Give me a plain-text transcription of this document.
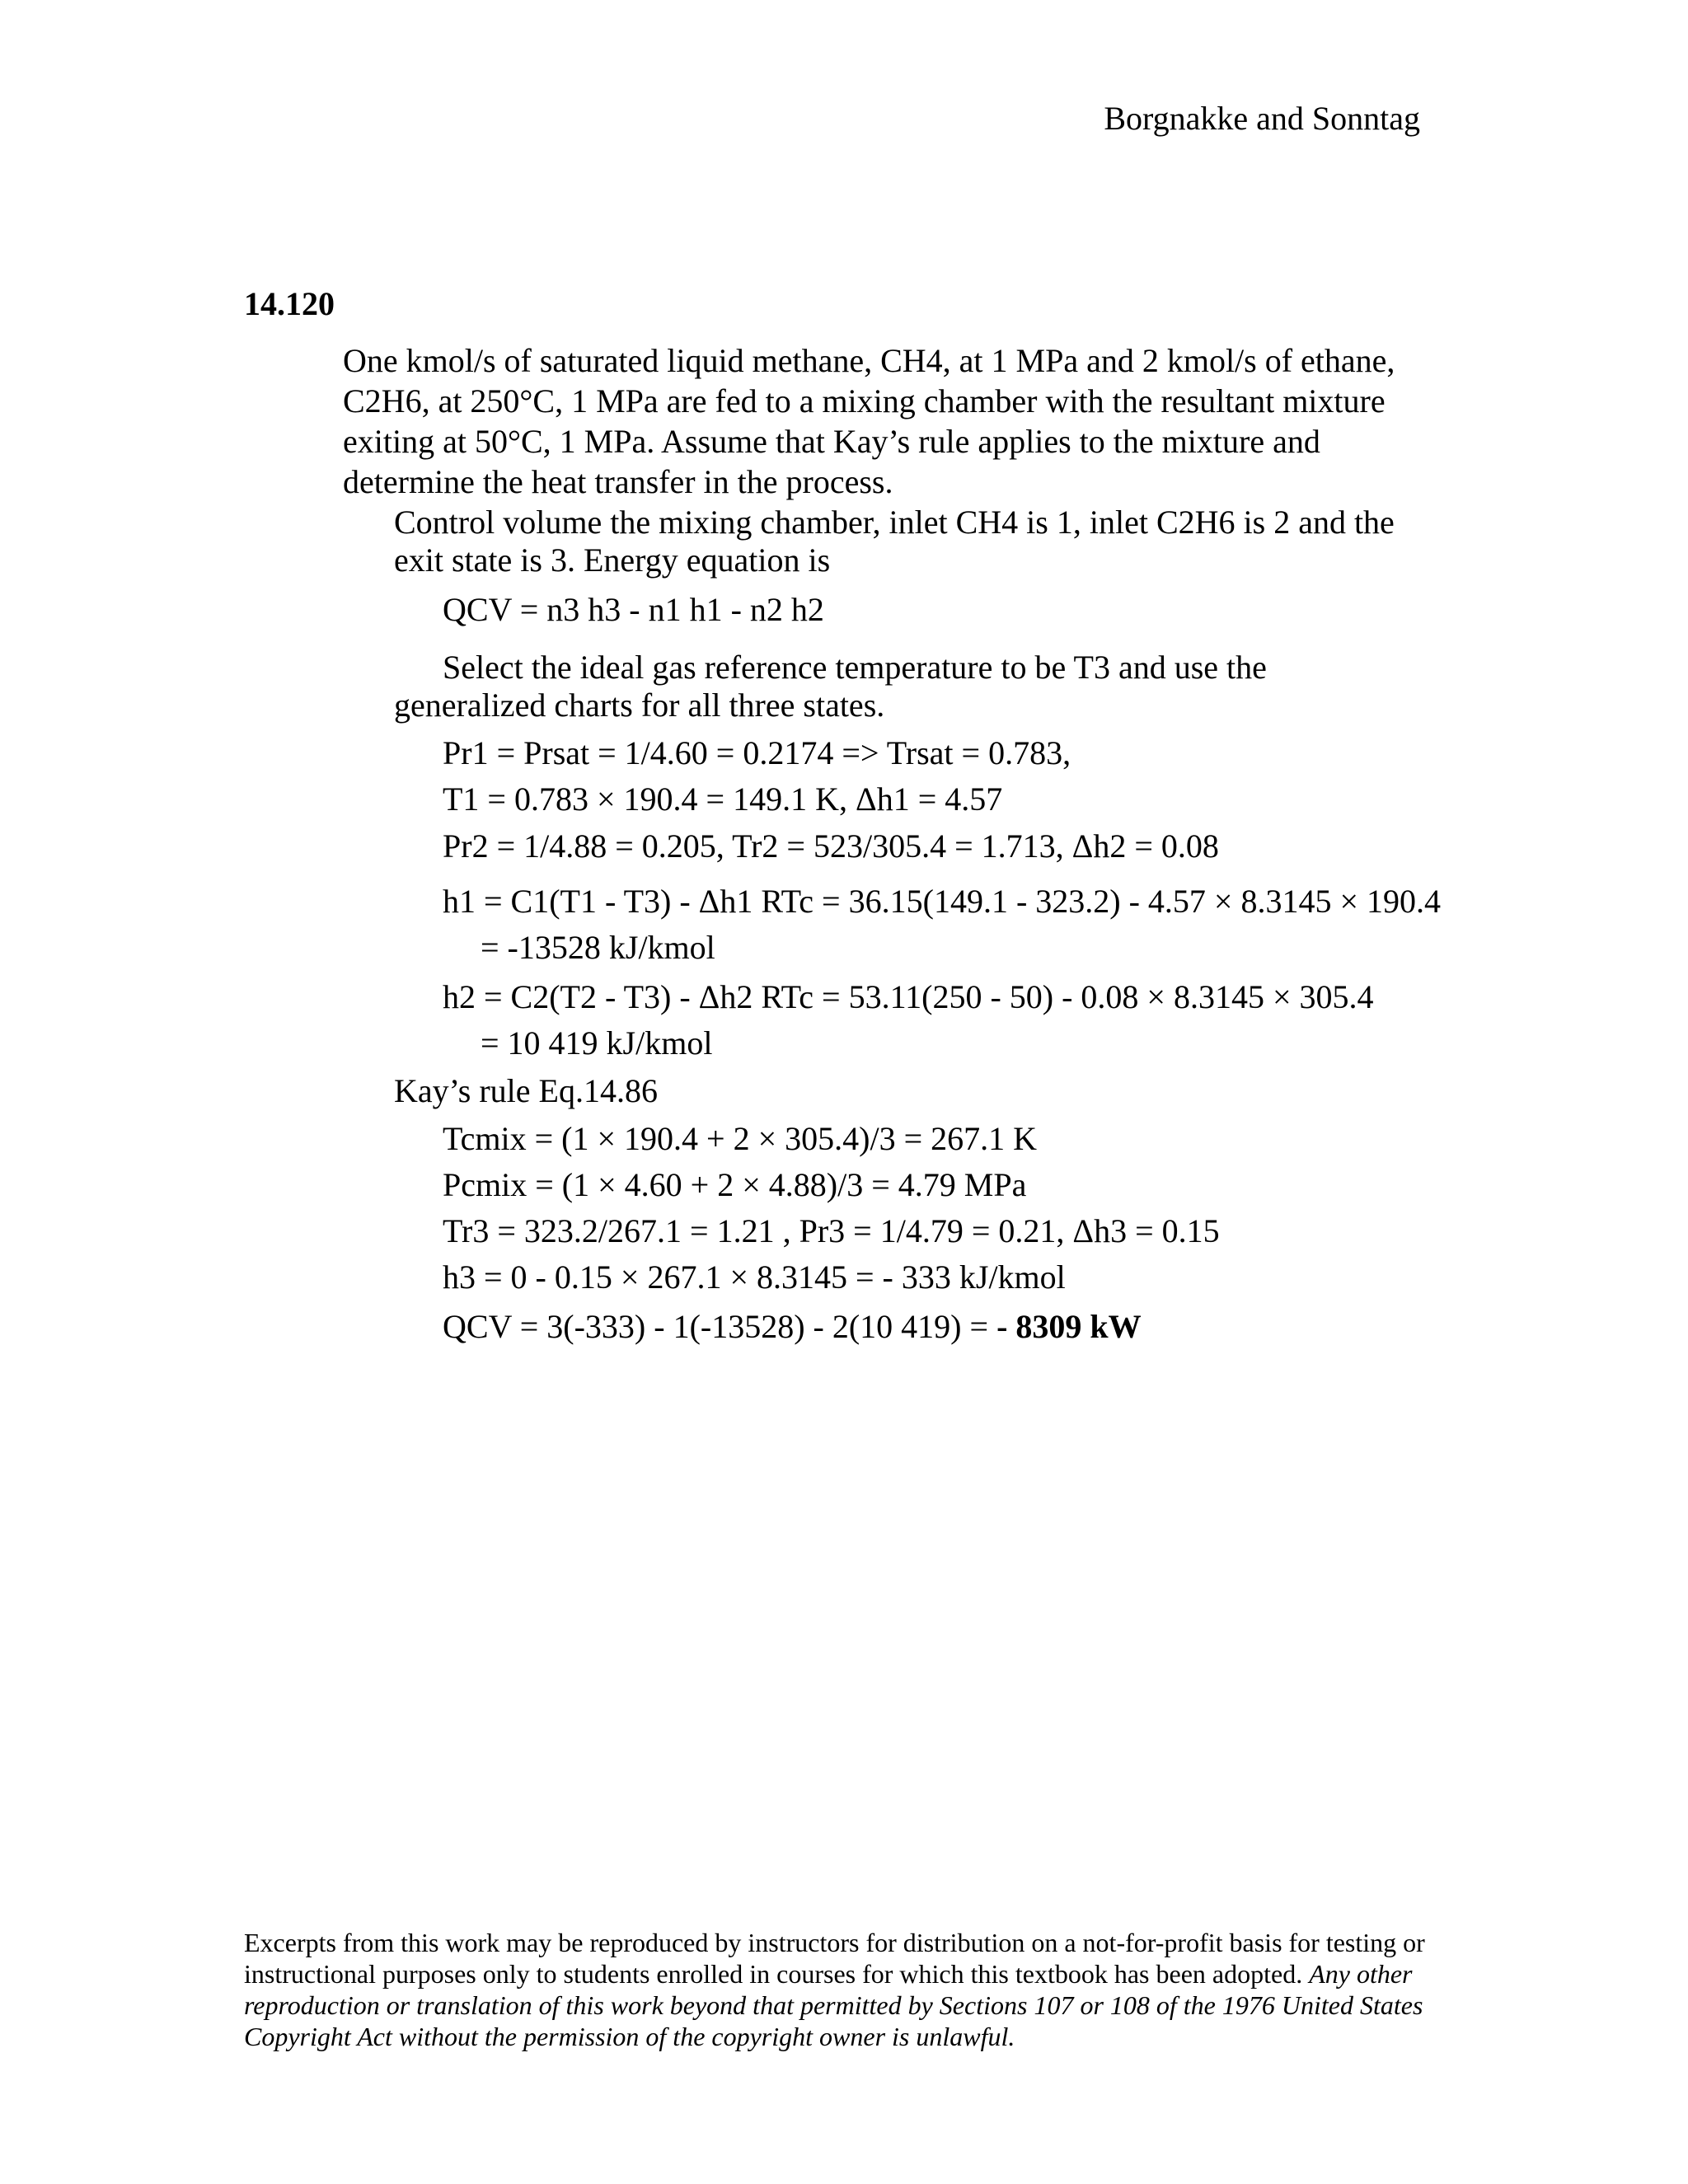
Borgnakke and Sonntag
14.120
One kmol/s of saturated liquid methane, CH4, at 1 MPa and 2 kmol/s of ethane,
C2H6, at 250°C, 1 MPa are fed to a mixing chamber with the resultant mixture
exiting at 50°C, 1 MPa. Assume that Kay’s rule applies to the mixture and
determine the heat transfer in the process.
Control volume the mixing chamber, inlet CH4 is 1, inlet C2H6 is 2 and the
exit state is 3. Energy equation is
QCV = n3 h3 - n1 h1 - n2 h2
Select the ideal gas reference temperature to be T3 and use the
generalized charts for all three states.
Pr1 = Prsat = 1/4.60 = 0.2174 => Trsat = 0.783,
T1 = 0.783 × 190.4 = 149.1 K, Δh1 = 4.57
Pr2 = 1/4.88 = 0.205, Tr2 = 523/305.4 = 1.713, Δh2 = 0.08
h1 = C1(T1 - T3) - Δh1 RTc = 36.15(149.1 - 323.2) - 4.57 × 8.3145 × 190.4
= -13528 kJ/kmol
h2 = C2(T2 - T3) - Δh2 RTc = 53.11(250 - 50) - 0.08 × 8.3145 × 305.4
= 10 419 kJ/kmol
Kay’s rule Eq.14.86
Tcmix = (1 × 190.4 + 2 × 305.4)/3 = 267.1 K
Pcmix = (1 × 4.60 + 2 × 4.88)/3 = 4.79 MPa
Tr3 = 323.2/267.1 = 1.21 , Pr3 = 1/4.79 = 0.21, Δh3 = 0.15
h3 = 0 - 0.15 × 267.1 × 8.3145 = - 333 kJ/kmol
QCV = 3(-333) - 1(-13528) - 2(10 419) = - 8309 kW
Excerpts from this work may be reproduced by instructors for distribution on a not-for-profit basis for testing or instructional purposes only to students enrolled in courses for which this textbook has been adopted. Any other reproduction or translation of this work beyond that permitted by Sections 107 or 108 of the 1976 United States Copyright Act without the permission of the copyright owner is unlawful.
